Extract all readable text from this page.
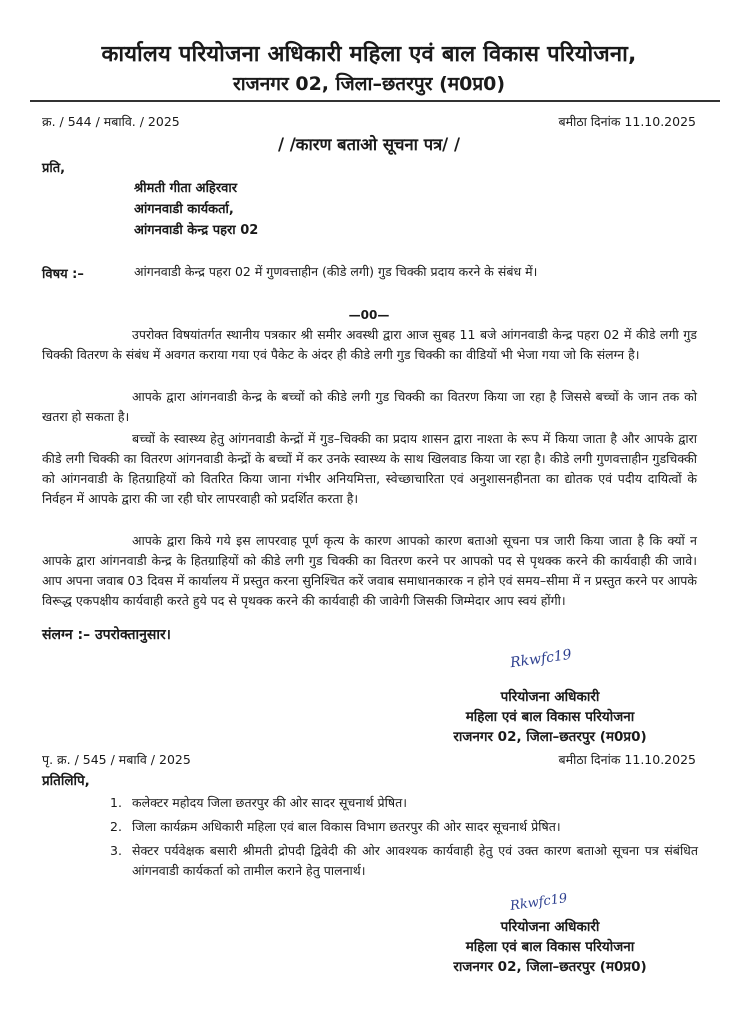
कार्यालय परियोजना अधिकारी महिला एवं बाल विकास परियोजना,
राजनगर 02, जिला–छतरपुर (म0प्र0)
क्र. / 544 / मबावि. / 2025	बमीठा दिनांक 11.10.2025
/ /कारण बताओ सूचना पत्र/ /
प्रति,
श्रीमती गीता अहिरवार
आंगनवाडी कार्यकर्ता,
आंगनवाडी केन्द्र पहरा 02
विषय :–	आंगनवाडी केन्द्र पहरा 02 में गुणवत्ताहीन (कीडे लगी) गुड चिक्की प्रदाय करने के संबंध में।
—00—
उपरोक्त विषयांतर्गत स्थानीय पत्रकार श्री समीर अवस्थी द्वारा आज सुबह 11 बजे आंगनवाडी केन्द्र पहरा 02 में कीडे लगी गुड चिक्की वितरण के संबंध में अवगत कराया गया एवं पैकेट के अंदर ही कीडे लगी गुड चिक्की का वीडियों भी भेजा गया जो कि संलग्न है।
आपके द्वारा आंगनवाडी केन्द्र के बच्चों को कीडे लगी गुड चिक्की का वितरण किया जा रहा है जिससे बच्चों के जान तक को खतरा हो सकता है।
बच्चों के स्वास्थ्य हेतु आंगनवाडी केन्द्रों में गुड–चिक्की का प्रदाय शासन द्वारा नाश्ता के रूप में किया जाता है और आपके द्वारा कीडे लगी चिक्की का वितरण आंगनवाडी केन्द्रों के बच्चों में कर उनके स्वास्थ्य के साथ खिलवाड किया जा रहा है। कीडे लगी गुणवत्ताहीन गुडचिक्की को आंगनवाडी के हितग्राहियों को वितरित किया जाना गंभीर अनियमित्ता, स्वेच्छाचारिता एवं अनुशासनहीनता का द्योतक एवं पदीय दायित्वों के निर्वहन में आपके द्वारा की जा रही घोर लापरवाही को प्रदर्शित करता है।
आपके द्वारा किये गये इस लापरवाह पूर्ण कृत्य के कारण आपको कारण बताओ सूचना पत्र जारी किया जाता है कि क्यों न आपके द्वारा आंगनवाडी केन्द्र के हितग्राहियों को कीडे लगी गुड चिक्की का वितरण करने पर आपको पद से पृथक्क करने की कार्यवाही की जावे। आप अपना जवाब 03 दिवस में कार्यालय में प्रस्तुत करना सुनिश्चित करें जवाब समाधानकारक न होने एवं समय–सीमा में न प्रस्तुत करने पर आपके विरूद्ध एकपक्षीय कार्यवाही करते हुये पद से पृथक्क करने की कार्यवाही की जावेगी जिसकी जिम्मेदार आप स्वयं होंगी।
संलग्न :– उपरोक्तानुसार।
Rkwfc19
परियोजना अधिकारी
महिला एवं बाल विकास परियोजना
राजनगर 02, जिला–छतरपुर (म0प्र0)
पृ. क्र. / 545 / मबावि / 2025	बमीठा दिनांक 11.10.2025
प्रतिलिपि,
1. कलेक्टर महोदय जिला छतरपुर की ओर सादर सूचनार्थ प्रेषित।
2. जिला कार्यक्रम अधिकारी महिला एवं बाल विकास विभाग छतरपुर की ओर सादर सूचनार्थ प्रेषित।
3. सेक्टर पर्यवेक्षक बसारी श्रीमती द्रोपदी द्विवेदी की ओर आवश्यक कार्यवाही हेतु एवं उक्त कारण बताओ सूचना पत्र संबंधित आंगनवाडी कार्यकर्ता को तामील कराने हेतु पालनार्थ।
Rkwfc19
परियोजना अधिकारी
महिला एवं बाल विकास परियोजना
राजनगर 02, जिला–छतरपुर (म0प्र0)
